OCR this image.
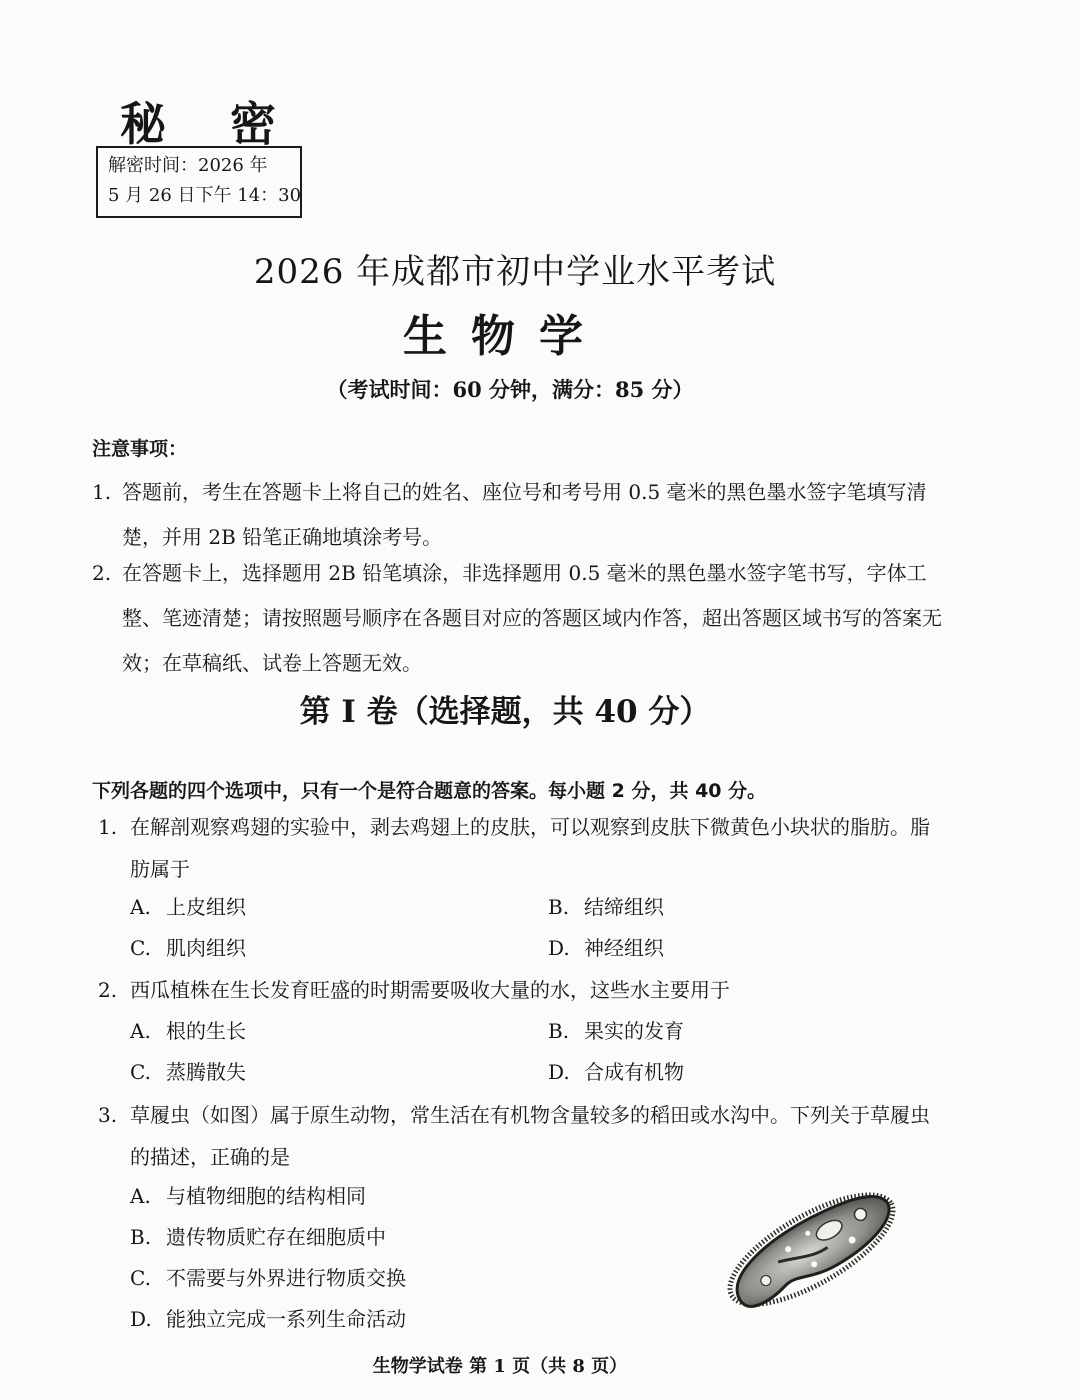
秘 密
解密时间：2026 年
5 月 26 日下午 14：30
2026 年成都市初中学业水平考试
生物学
（考试时间：60 分钟，满分：85 分）
注意事项：
1. 答题前，考生在答题卡上将自己的姓名、座位号和考号用 0.5 毫米的黑色墨水签字笔填写清楚，并用 2B 铅笔正确地填涂考号。
2. 在答题卡上，选择题用 2B 铅笔填涂，非选择题用 0.5 毫米的黑色墨水签字笔书写，字体工整、笔迹清楚；请按照题号顺序在各题目对应的答题区域内作答，超出答题区域书写的答案无效；在草稿纸、试卷上答题无效。
第 I 卷（选择题，共 40 分）
下列各题的四个选项中，只有一个是符合题意的答案。每小题 2 分，共 40 分。
1. 在解剖观察鸡翅的实验中，剥去鸡翅上的皮肤，可以观察到皮肤下微黄色小块状的脂肪。脂肪属于
A. 上皮组织	B. 结缔组织
C. 肌肉组织	D. 神经组织
2. 西瓜植株在生长发育旺盛的时期需要吸收大量的水，这些水主要用于
A. 根的生长	B. 果实的发育
C. 蒸腾散失	D. 合成有机物
3. 草履虫（如图）属于原生动物，常生活在有机物含量较多的稻田或水沟中。下列关于草履虫的描述，正确的是
A. 与植物细胞的结构相同
B. 遗传物质贮存在细胞质中
C. 不需要与外界进行物质交换
D. 能独立完成一系列生命活动
生物学试卷 第 1 页（共 8 页）
